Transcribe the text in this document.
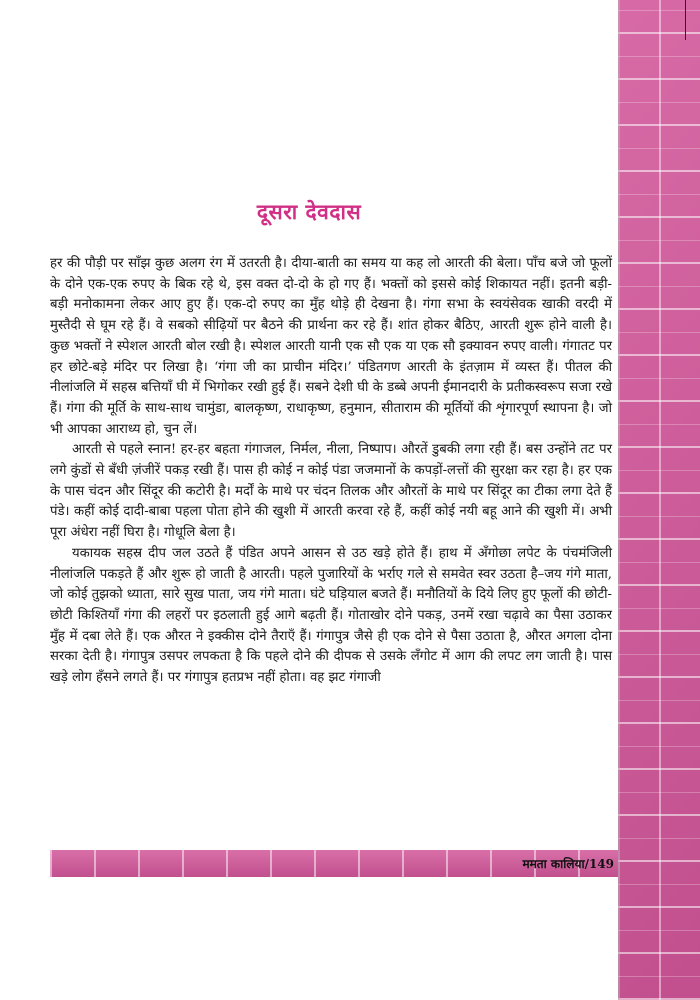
दूसरा देवदास

हर की पौड़ी पर साँझ कुछ अलग रंग में उतरती है। दीया-बाती का समय या कह लो आरती की बेला। पाँच बजे जो फूलों के दोने एक-एक रुपए के बिक रहे थे, इस वक्त दो-दो के हो गए हैं। भक्तों को इससे कोई शिकायत नहीं। इतनी बड़ी-बड़ी मनोकामना लेकर आए हुए हैं। एक-दो रुपए का मुँह थोड़े ही देखना है। गंगा सभा के स्वयंसेवक खाकी वरदी में मुस्तैदी से घूम रहे हैं। वे सबको सीढ़ियों पर बैठने की प्रार्थना कर रहे हैं। शांत होकर बैठिए, आरती शुरू होने वाली है। कुछ भक्तों ने स्पेशल आरती बोल रखी है। स्पेशल आरती यानी एक सौ एक या एक सौ इक्यावन रुपए वाली। गंगातट पर हर छोटे-बड़े मंदिर पर लिखा है। ‘गंगा जी का प्राचीन मंदिर।’ पंडितगण आरती के इंतज़ाम में व्यस्त हैं। पीतल की नीलांजलि में सहस्र बत्तियाँ घी में भिगोकर रखी हुई हैं। सबने देशी घी के डब्बे अपनी ईमानदारी के प्रतीकस्वरूप सजा रखे हैं। गंगा की मूर्ति के साथ-साथ चामुंडा, बालकृष्ण, राधाकृष्ण, हनुमान, सीताराम की मूर्तियों की शृंगारपूर्ण स्थापना है। जो भी आपका आराध्य हो, चुन लें।

आरती से पहले स्नान! हर-हर बहता गंगाजल, निर्मल, नीला, निष्पाप। औरतें डुबकी लगा रही हैं। बस उन्होंने तट पर लगे कुंडों से बँधी ज़ंजीरें पकड़ रखी हैं। पास ही कोई न कोई पंडा जजमानों के कपड़ों-लत्तों की सुरक्षा कर रहा है। हर एक के पास चंदन और सिंदूर की कटोरी है। मर्दों के माथे पर चंदन तिलक और औरतों के माथे पर सिंदूर का टीका लगा देते हैं पंडे। कहीं कोई दादी-बाबा पहला पोता होने की खुशी में आरती करवा रहे हैं, कहीं कोई नयी बहू आने की खुशी में। अभी पूरा अंधेरा नहीं घिरा है। गोधूलि बेला है।

यकायक सहस्र दीप जल उठते हैं पंडित अपने आसन से उठ खड़े होते हैं। हाथ में अँगोछा लपेट के पंचमंजिली नीलांजलि पकड़ते हैं और शुरू हो जाती है आरती। पहले पुजारियों के भर्राए गले से समवेत स्वर उठता है–जय गंगे माता, जो कोई तुझको ध्याता, सारे सुख पाता, जय गंगे माता। घंटे घड़ियाल बजते हैं। मनौतियों के दिये लिए हुए फूलों की छोटी-छोटी किश्तियाँ गंगा की लहरों पर इठलाती हुई आगे बढ़ती हैं। गोताखोर दोने पकड़, उनमें रखा चढ़ावे का पैसा उठाकर मुँह में दबा लेते हैं। एक औरत ने इक्कीस दोने तैराएँ हैं। गंगापुत्र जैसे ही एक दोने से पैसा उठाता है, औरत अगला दोना सरका देती है। गंगापुत्र उसपर लपकता है कि पहले दोने की दीपक से उसके लँगोट में आग की लपट लग जाती है। पास खड़े लोग हँसने लगते हैं। पर गंगापुत्र हतप्रभ नहीं होता। वह झट गंगाजी

ममता कालिया/149
